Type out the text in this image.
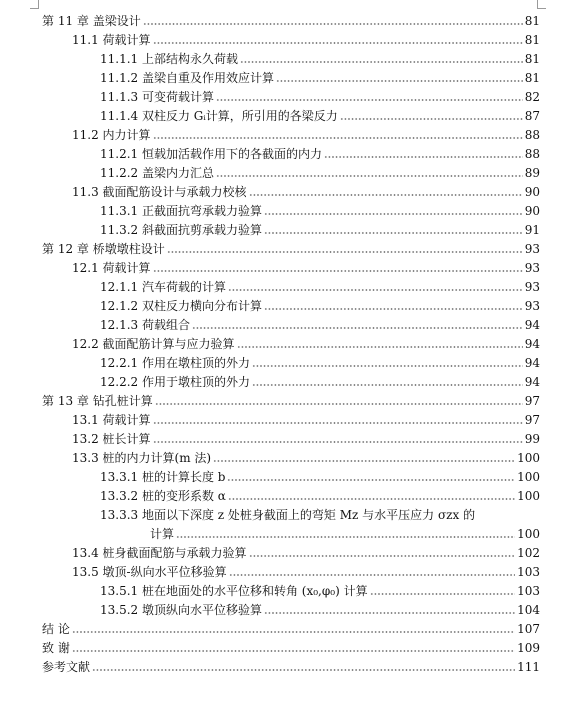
第 11 章 盖梁设计	81
11.1 荷载计算	81
11.1.1 上部结构永久荷载	81
11.1.2 盖梁自重及作用效应计算	81
11.1.3 可变荷载计算	82
11.1.4 双柱反力 Gᵢ计算，所引用的各梁反力	87
11.2 内力计算	88
11.2.1 恒载加活载作用下的各截面的内力	88
11.2.2 盖梁内力汇总	89
11.3 截面配筋设计与承载力校核	90
11.3.1 正截面抗弯承载力验算	90
11.3.2 斜截面抗剪承载力验算	91
第 12 章 桥墩墩柱设计	93
12.1 荷载计算	93
12.1.1 汽车荷载的计算	93
12.1.2 双柱反力横向分布计算	93
12.1.3 荷载组合	94
12.2 截面配筋计算与应力验算	94
12.2.1 作用在墩柱顶的外力	94
12.2.2 作用于墩柱顶的外力	94
第 13 章 钻孔桩计算	97
13.1 荷载计算	97
13.2 桩长计算	99
13.3 桩的内力计算(m 法)	100
13.3.1 桩的计算长度 b	100
13.3.2 桩的变形系数 α	100
13.3.3 地面以下深度 z 处桩身截面上的弯矩 Mz 与水平压应力 σzx 的
计算	100
13.4 桩身截面配筋与承载力验算	102
13.5 墩顶-纵向水平位移验算	103
13.5.1 桩在地面处的水平位移和转角 (x₀,φ₀) 计算	103
13.5.2 墩顶纵向水平位移验算	104
结 论	107
致 谢	109
参考文献	111
